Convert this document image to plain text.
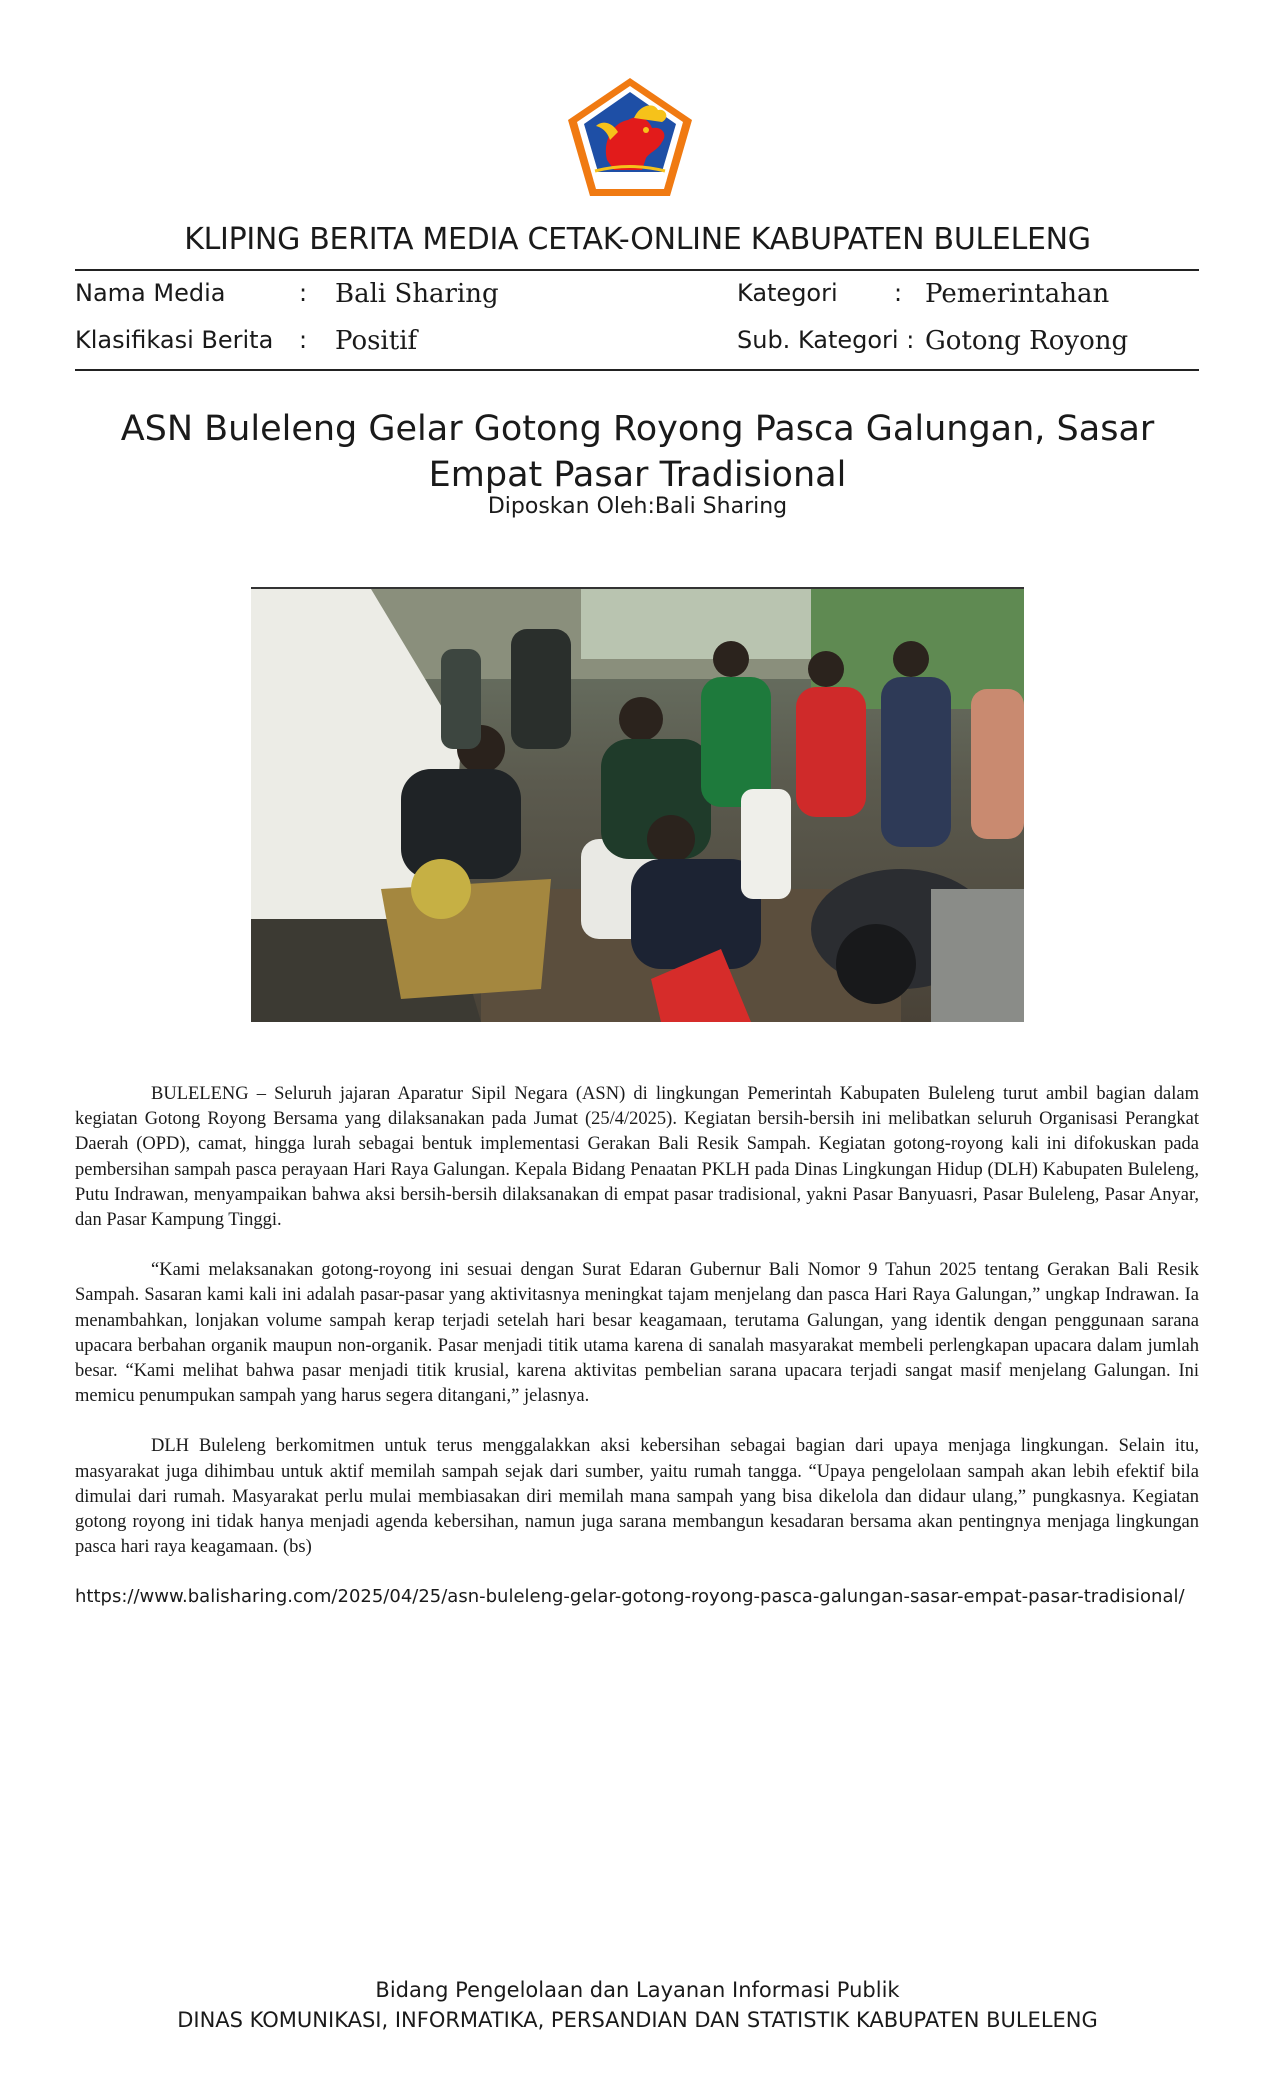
KLIPING BERITA MEDIA CETAK-ONLINE KABUPATEN BULELENG
Nama Media	: Bali Sharing	Kategori : Pemerintahan
Klasifikasi Berita : Positif	Sub. Kategori : Gotong Royong
ASN Buleleng Gelar Gotong Royong Pasca Galungan, Sasar Empat Pasar Tradisional
Diposkan Oleh:Bali Sharing

BULELENG – Seluruh jajaran Aparatur Sipil Negara (ASN) di lingkungan Pemerintah Kabupaten Buleleng turut ambil bagian dalam kegiatan Gotong Royong Bersama yang dilaksanakan pada Jumat (25/4/2025). Kegiatan bersih-bersih ini melibatkan seluruh Organisasi Perangkat Daerah (OPD), camat, hingga lurah sebagai bentuk implementasi Gerakan Bali Resik Sampah. Kegiatan gotong-royong kali ini difokuskan pada pembersihan sampah pasca perayaan Hari Raya Galungan. Kepala Bidang Penaatan PKLH pada Dinas Lingkungan Hidup (DLH) Kabupaten Buleleng, Putu Indrawan, menyampaikan bahwa aksi bersih-bersih dilaksanakan di empat pasar tradisional, yakni Pasar Banyuasri, Pasar Buleleng, Pasar Anyar, dan Pasar Kampung Tinggi.

“Kami melaksanakan gotong-royong ini sesuai dengan Surat Edaran Gubernur Bali Nomor 9 Tahun 2025 tentang Gerakan Bali Resik Sampah. Sasaran kami kali ini adalah pasar-pasar yang aktivitasnya meningkat tajam menjelang dan pasca Hari Raya Galungan,” ungkap Indrawan. Ia menambahkan, lonjakan volume sampah kerap terjadi setelah hari besar keagamaan, terutama Galungan, yang identik dengan penggunaan sarana upacara berbahan organik maupun non-organik. Pasar menjadi titik utama karena di sanalah masyarakat membeli perlengkapan upacara dalam jumlah besar. “Kami melihat bahwa pasar menjadi titik krusial, karena aktivitas pembelian sarana upacara terjadi sangat masif menjelang Galungan. Ini memicu penumpukan sampah yang harus segera ditangani,” jelasnya.

DLH Buleleng berkomitmen untuk terus menggalakkan aksi kebersihan sebagai bagian dari upaya menjaga lingkungan. Selain itu, masyarakat juga dihimbau untuk aktif memilah sampah sejak dari sumber, yaitu rumah tangga. “Upaya pengelolaan sampah akan lebih efektif bila dimulai dari rumah. Masyarakat perlu mulai membiasakan diri memilah mana sampah yang bisa dikelola dan didaur ulang,” pungkasnya. Kegiatan gotong royong ini tidak hanya menjadi agenda kebersihan, namun juga sarana membangun kesadaran bersama akan pentingnya menjaga lingkungan pasca hari raya keagamaan. (bs)

https://www.balisharing.com/2025/04/25/asn-buleleng-gelar-gotong-royong-pasca-galungan-sasar-empat-pasar-tradisional/
Bidang Pengelolaan dan Layanan Informasi Publik
DINAS KOMUNIKASI, INFORMATIKA, PERSANDIAN DAN STATISTIK KABUPATEN BULELENG
